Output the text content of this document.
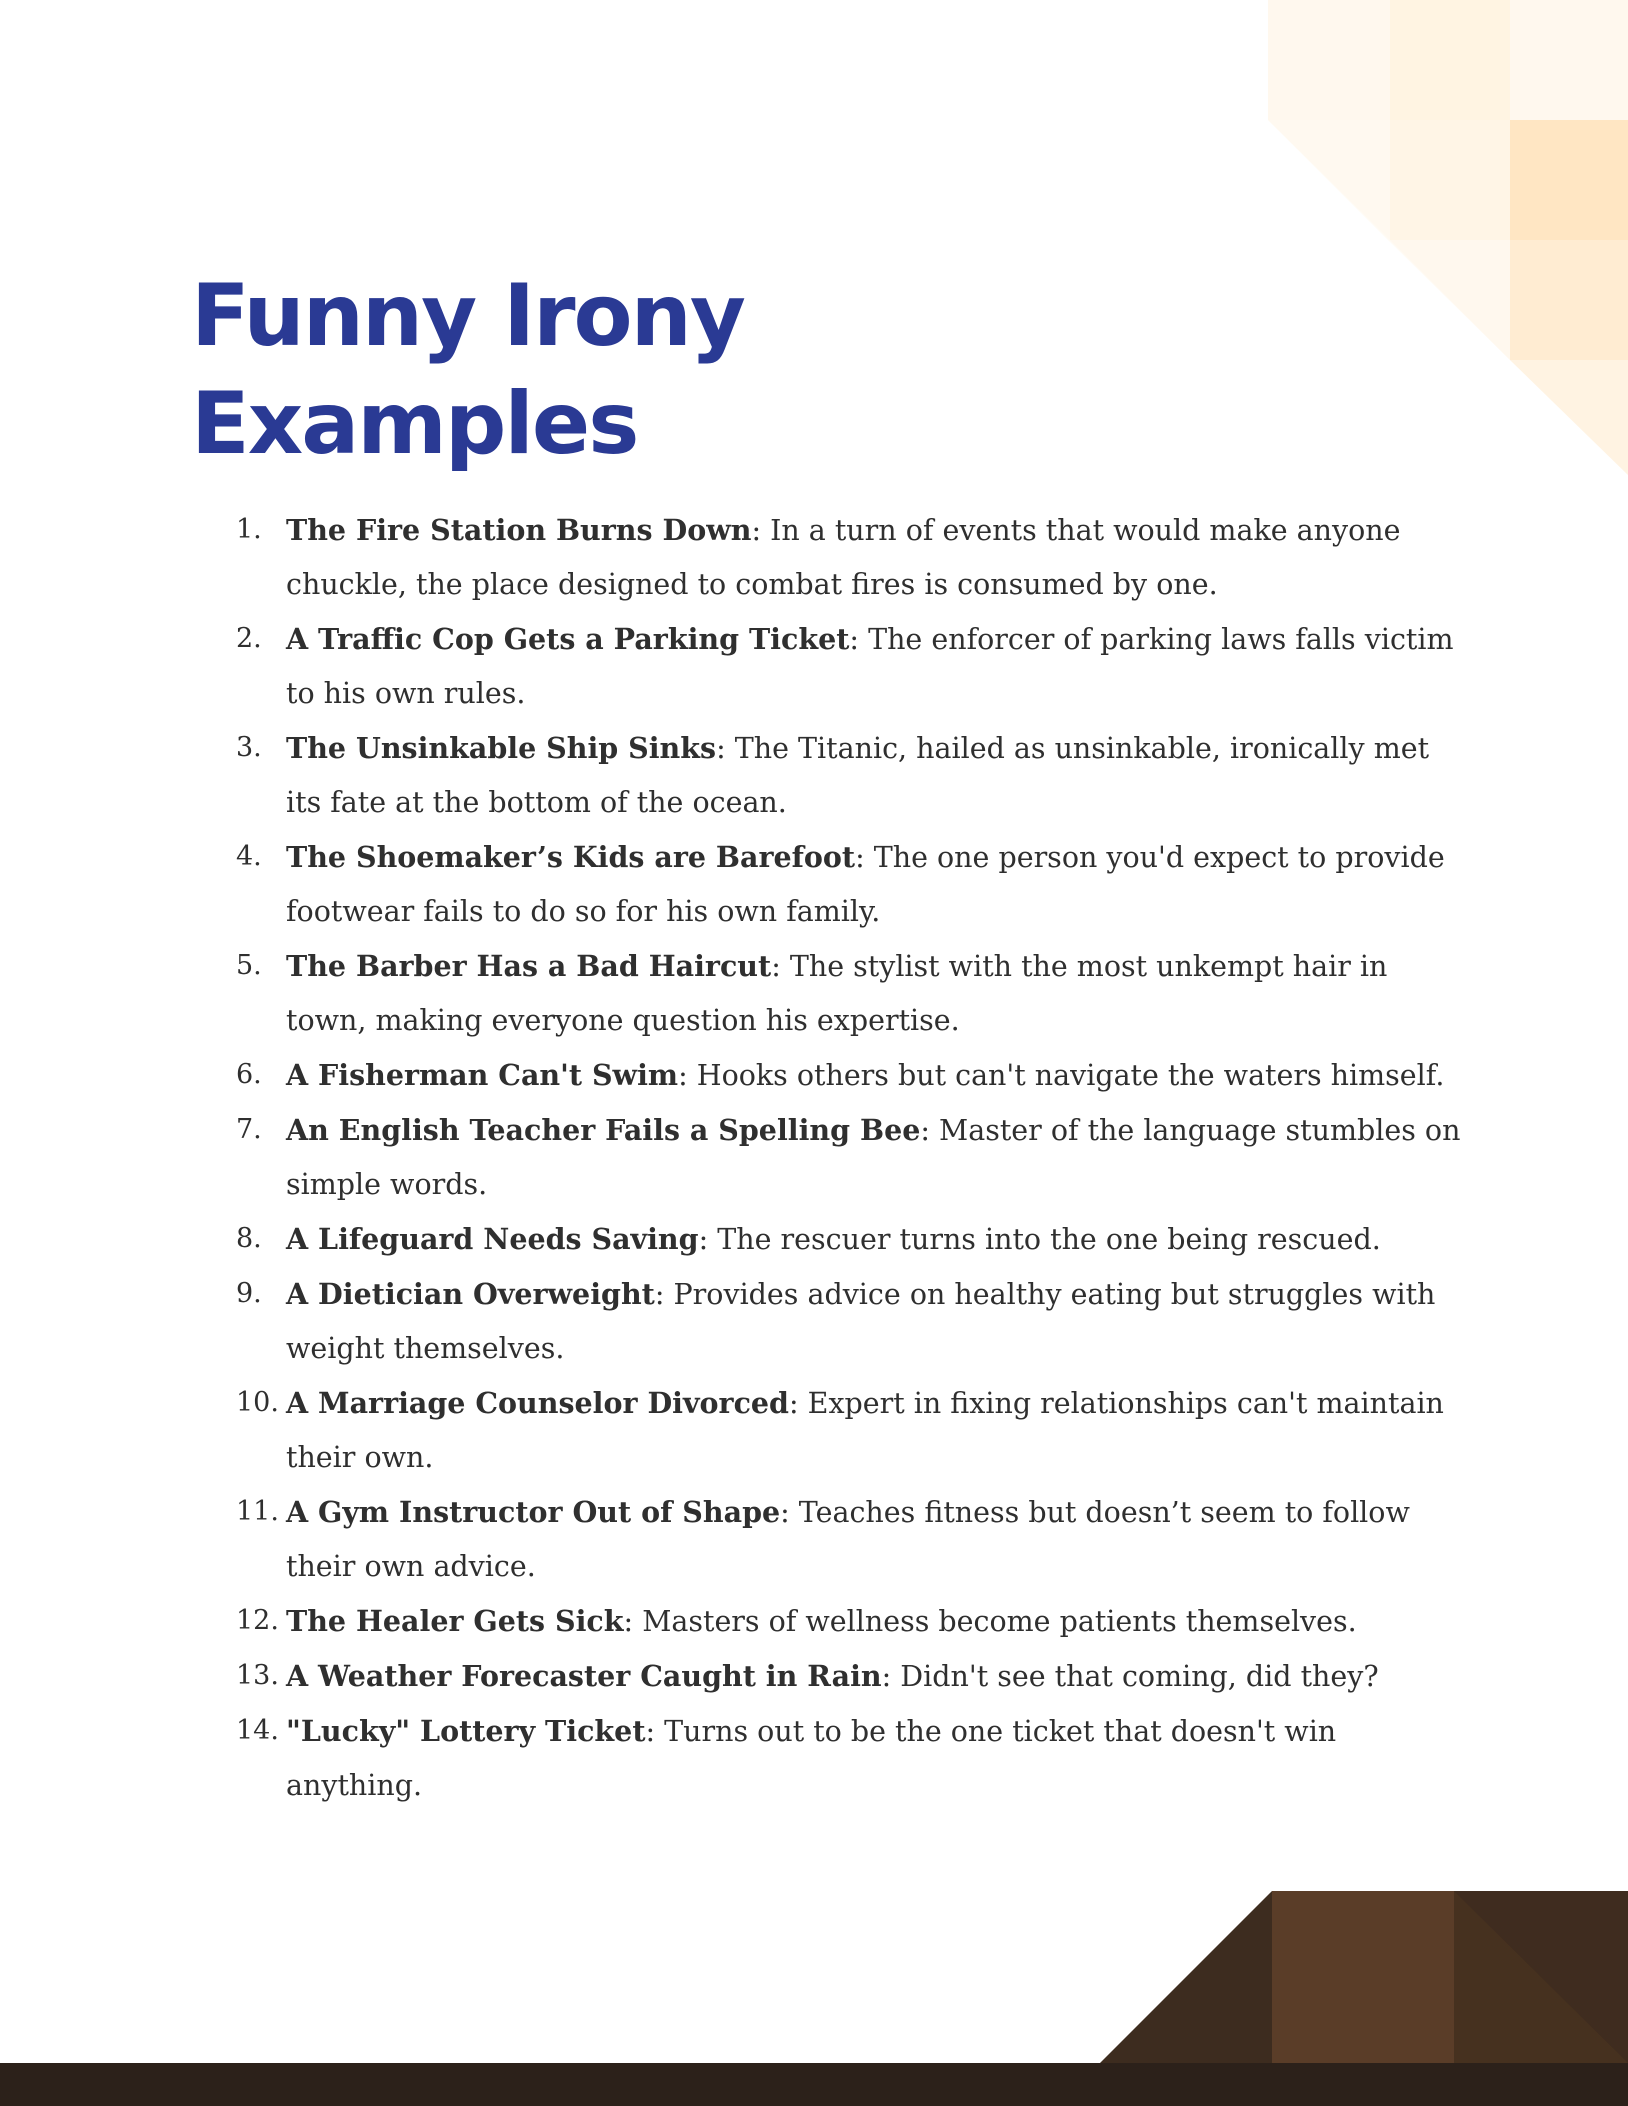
Funny Irony Examples
1. The Fire Station Burns Down: In a turn of events that would make anyone chuckle, the place designed to combat fires is consumed by one.
2. A Traffic Cop Gets a Parking Ticket: The enforcer of parking laws falls victim to his own rules.
3. The Unsinkable Ship Sinks: The Titanic, hailed as unsinkable, ironically met its fate at the bottom of the ocean.
4. The Shoemaker’s Kids are Barefoot: The one person you'd expect to provide footwear fails to do so for his own family.
5. The Barber Has a Bad Haircut: The stylist with the most unkempt hair in town, making everyone question his expertise.
6. A Fisherman Can't Swim: Hooks others but can't navigate the waters himself.
7. An English Teacher Fails a Spelling Bee: Master of the language stumbles on simple words.
8. A Lifeguard Needs Saving: The rescuer turns into the one being rescued.
9. A Dietician Overweight: Provides advice on healthy eating but struggles with weight themselves.
10. A Marriage Counselor Divorced: Expert in fixing relationships can't maintain their own.
11. A Gym Instructor Out of Shape: Teaches fitness but doesn’t seem to follow their own advice.
12. The Healer Gets Sick: Masters of wellness become patients themselves.
13. A Weather Forecaster Caught in Rain: Didn't see that coming, did they?
14. "Lucky" Lottery Ticket: Turns out to be the one ticket that doesn't win anything.
